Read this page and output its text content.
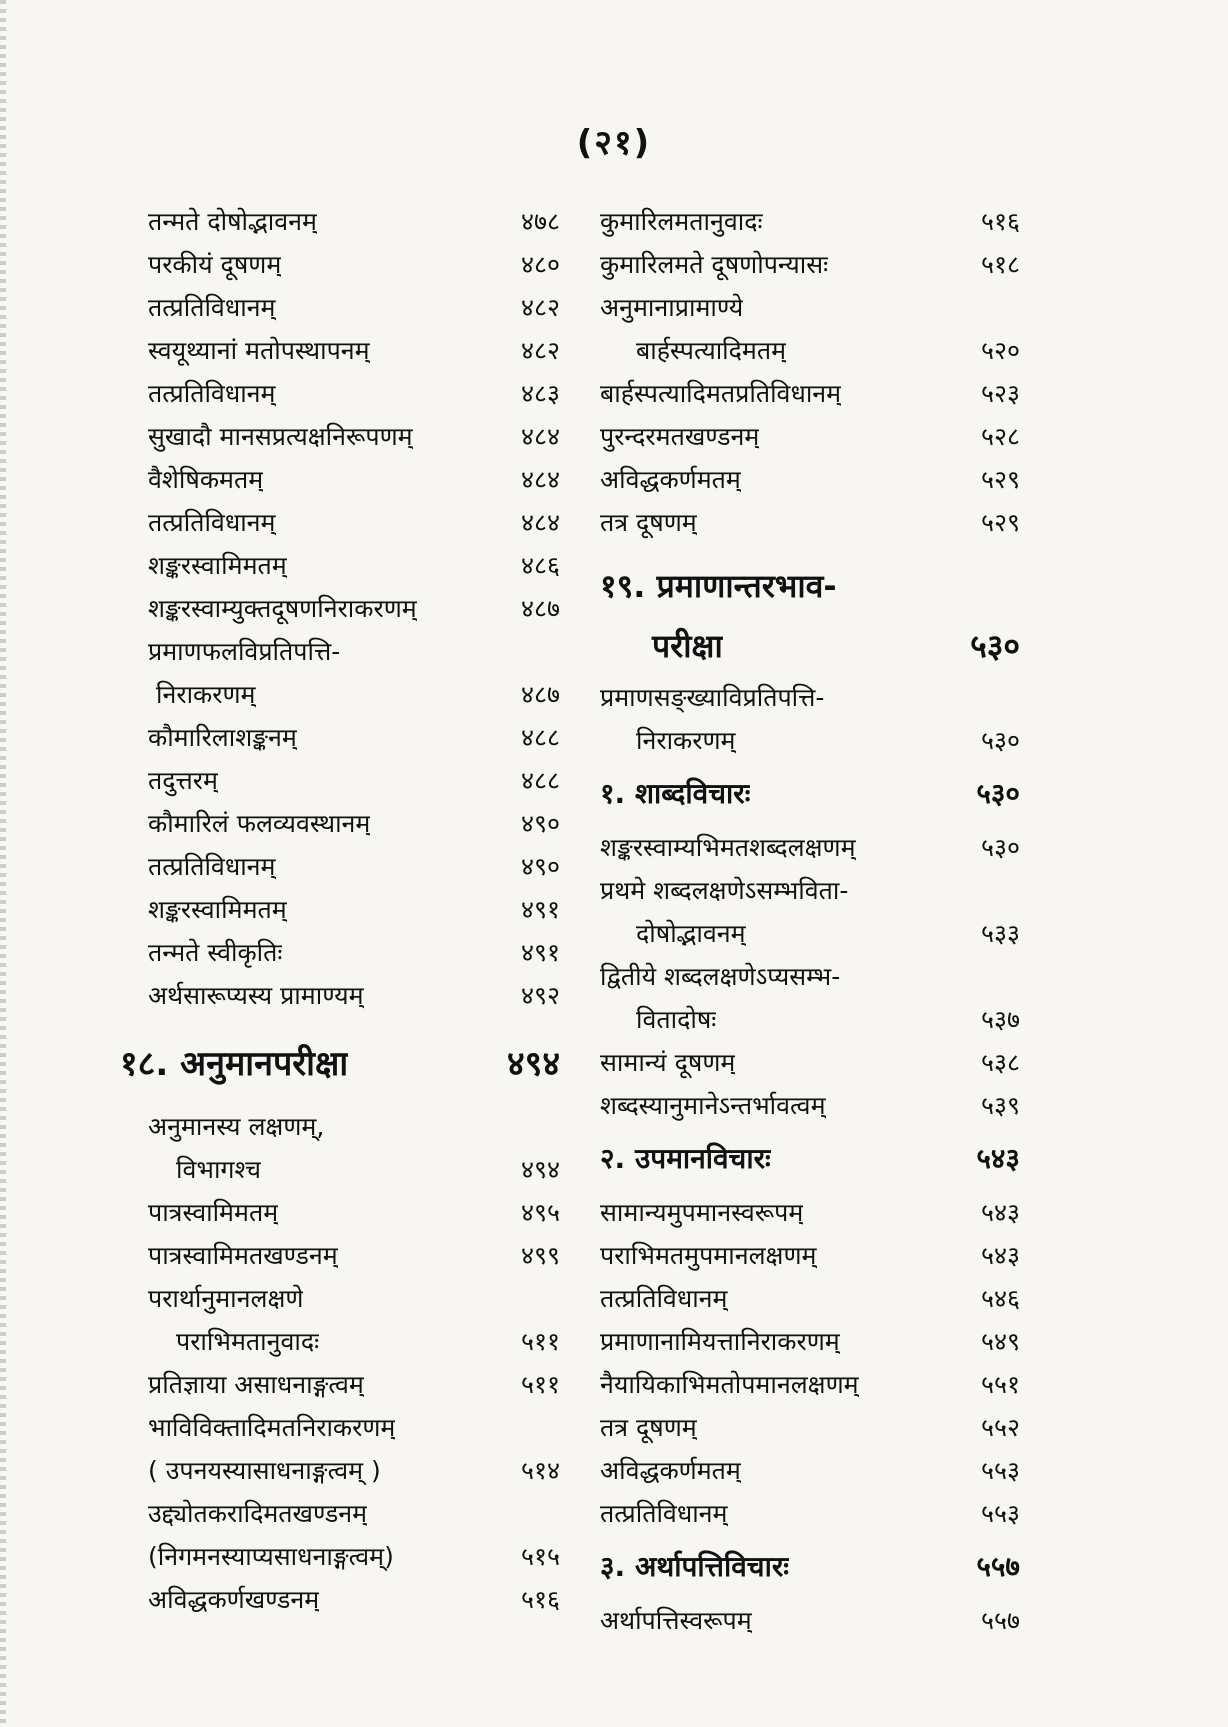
(२१)
तन्मते दोषोद्भावनम्	४७८
परकीयं दूषणम्	४८०
तत्प्रतिविधानम्	४८२
स्वयूथ्यानां मतोपस्थापनम्	४८२
तत्प्रतिविधानम्	४८३
सुखादौ मानसप्रत्यक्षनिरूपणम्	४८४
वैशेषिकमतम्	४८४
तत्प्रतिविधानम्	४८४
शङ्करस्वामिमतम्	४८६
शङ्करस्वाम्युक्तदूषणनिराकरणम्	४८७
प्रमाणफलविप्रतिपत्ति-
निराकरणम्	४८७
कौमारिलाशङ्कनम्	४८८
तदुत्तरम्	४८८
कौमारिलं फलव्यवस्थानम्	४९०
तत्प्रतिविधानम्	४९०
शङ्करस्वामिमतम्	४९१
तन्मते स्वीकृतिः	४९१
अर्थसारूप्यस्य प्रामाण्यम्	४९२
१८. अनुमानपरीक्षा	४९४
अनुमानस्य लक्षणम्,
विभागश्च	४९४
पात्रस्वामिमतम्	४९५
पात्रस्वामिमतखण्डनम्	४९९
परार्थानुमानलक्षणे
पराभिमतानुवादः	५११
प्रतिज्ञाया असाधनाङ्गत्वम्	५११
भाविविक्तादिमतनिराकरणम्
( उपनयस्यासाधनाङ्गत्वम् )	५१४
उद्द्योतकरादिमतखण्डनम्
(निगमनस्याप्यसाधनाङ्गत्वम्)	५१५
अविद्धकर्णखण्डनम्	५१६
कुमारिलमतानुवादः	५१६
कुमारिलमते दूषणोपन्यासः	५१८
अनुमानाप्रामाण्ये
बार्हस्पत्यादिमतम्	५२०
बार्हस्पत्यादिमतप्रतिविधानम्	५२३
पुरन्दरमतखण्डनम्	५२८
अविद्धकर्णमतम्	५२९
तत्र दूषणम्	५२९
१९. प्रमाणान्तरभाव-
परीक्षा	५३०
प्रमाणसङ्ख्याविप्रतिपत्ति-
निराकरणम्	५३०
१. शाब्दविचारः	५३०
शङ्करस्वाम्यभिमतशब्दलक्षणम्	५३०
प्रथमे शब्दलक्षणेऽसम्भविता-
दोषोद्भावनम्	५३३
द्वितीये शब्दलक्षणेऽप्यसम्भ-
वितादोषः	५३७
सामान्यं दूषणम्	५३८
शब्दस्यानुमानेऽन्तर्भावत्वम्	५३९
२. उपमानविचारः	५४३
सामान्यमुपमानस्वरूपम्	५४३
पराभिमतमुपमानलक्षणम्	५४३
तत्प्रतिविधानम्	५४६
प्रमाणानामियत्तानिराकरणम्	५४९
नैयायिकाभिमतोपमानलक्षणम्	५५१
तत्र दूषणम्	५५२
अविद्धकर्णमतम्	५५३
तत्प्रतिविधानम्	५५३
३. अर्थापत्तिविचारः	५५७
अर्थापत्तिस्वरूपम्	५५७
